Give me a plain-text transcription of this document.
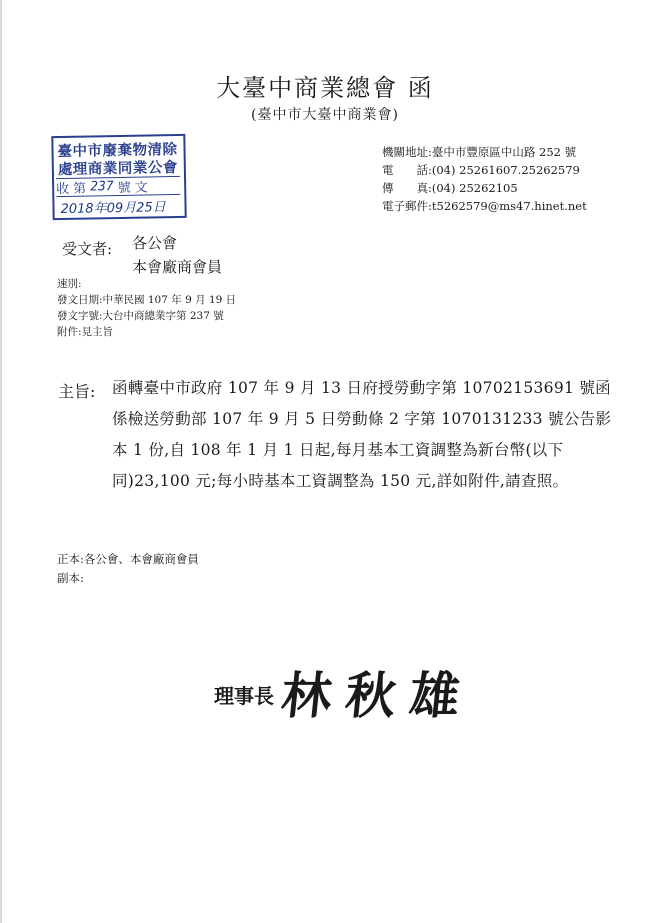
大臺中商業總會 函
(臺中市大臺中商業會)
臺中市廢棄物清除
處理商業同業公會
收 第 237 號 文
2018年09月25日
機關地址:臺中市豐原區中山路 252 號
電　　話:(04) 25261607.25262579
傳　　真:(04) 25262105
電子郵件:t5262579@ms47.hinet.net
受文者: 各公會
本會廠商會員
速別:
發文日期:中華民國 107 年 9 月 19 日
發文字號:大台中商總業字第 237 號
附件:見主旨
主旨: 函轉臺中市政府 107 年 9 月 13 日府授勞動字第 10702153691 號函
係檢送勞動部 107 年 9 月 5 日勞動條 2 字第 1070131233 號公告影
本 1 份,自 108 年 1 月 1 日起,每月基本工資調整為新台幣(以下
同)23,100 元;每小時基本工資調整為 150 元,詳如附件,請查照。
正本:各公會、本會廠商會員
副本:
理事長 林秋雄
